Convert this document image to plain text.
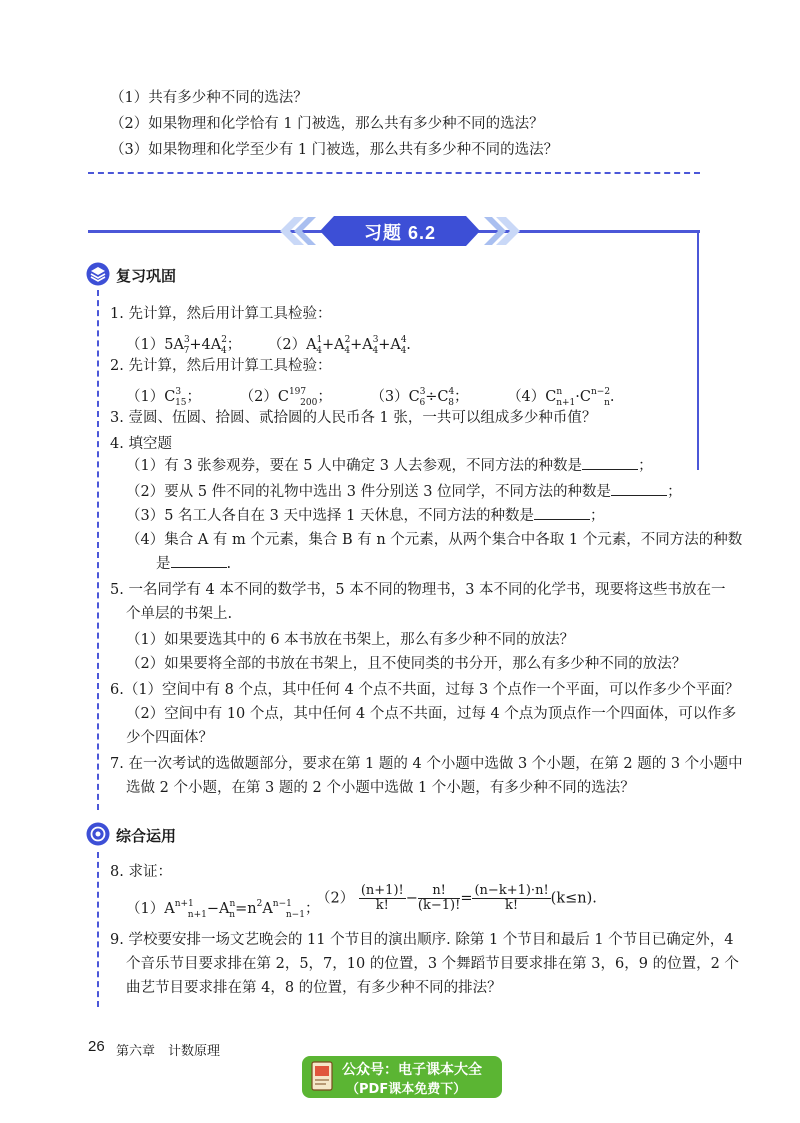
（1）共有多少种不同的选法？
（2）如果物理和化学恰有 1 门被选，那么共有多少种不同的选法？
（3）如果物理和化学至少有 1 门被选，那么共有多少种不同的选法？
习题 6.2
复习巩固
1. 先计算，然后用计算工具检验：
$(1)5A^3_7+4A^2_4$； $(2)A^1_4+A^2_4+A^3_4+A^4_4$.
2. 先计算，然后用计算工具检验：
$(1)C^3_{15}$；	$(2)C^{197}_{200}$；	$(3)C^3_6\div C^4_8$；	$(4)C^n_{n+1}\cdot C^{n-2}_n$.
3. 壹圆、伍圆、拾圆、贰拾圆的人民币各 1 张，一共可以组成多少种币值？
4. 填空题
（1）有 3 张参观券，要在 5 人中确定 3 人去参观，不同方法的种数是	；
（2）要从 5 件不同的礼物中选出 3 件分别送 3 位同学，不同方法的种数是	；
（3）5 名工人各自在 3 天中选择 1 天休息，不同方法的种数是	；
（4）集合 A 有 m 个元素，集合 B 有 n 个元素，从两个集合中各取 1 个元素，不同方法的种数
是	.
5. 一名同学有 4 本不同的数学书，5 本不同的物理书，3 本不同的化学书，现要将这些书放在一
个单层的书架上.
（1）如果要选其中的 6 本书放在书架上，那么有多少种不同的放法？
（2）如果要将全部的书放在书架上，且不使同类的书分开，那么有多少种不同的放法？
6.（1）空间中有 8 个点，其中任何 4 个点不共面，过每 3 个点作一个平面，可以作多少个平面？
（2）空间中有 10 个点，其中任何 4 个点不共面，过每 4 个点为顶点作一个四面体，可以作多
少个四面体？
7. 在一次考试的选做题部分，要求在第 1 题的 4 个小题中选做 3 个小题，在第 2 题的 3 个小题中
选做 2 个小题，在第 3 题的 2 个小题中选做 1 个小题，有多少种不同的选法？
综合运用
8. 求证：
$(1)A^{n+1}_{n+1}-A^n_n=n^2A^{n-1}_{n-1}$；
$(2) \frac{(n+1)!}{k!} - \frac{n!}{(k-1)!} = \frac{(n-k+1)\cdot n!}{k!} (k\le n)$.
9. 学校要安排一场文艺晚会的 11 个节目的演出顺序. 除第 1 个节目和最后 1 个节目已确定外，4
个音乐节目要求排在第 2，5，7，10 的位置，3 个舞蹈节目要求排在第 3，6，9 的位置，2 个
曲艺节目要求排在第 4，8 的位置，有多少种不同的排法？
26 第六章　计数原理
公众号：电子课本大全
（PDF课本免费下）
